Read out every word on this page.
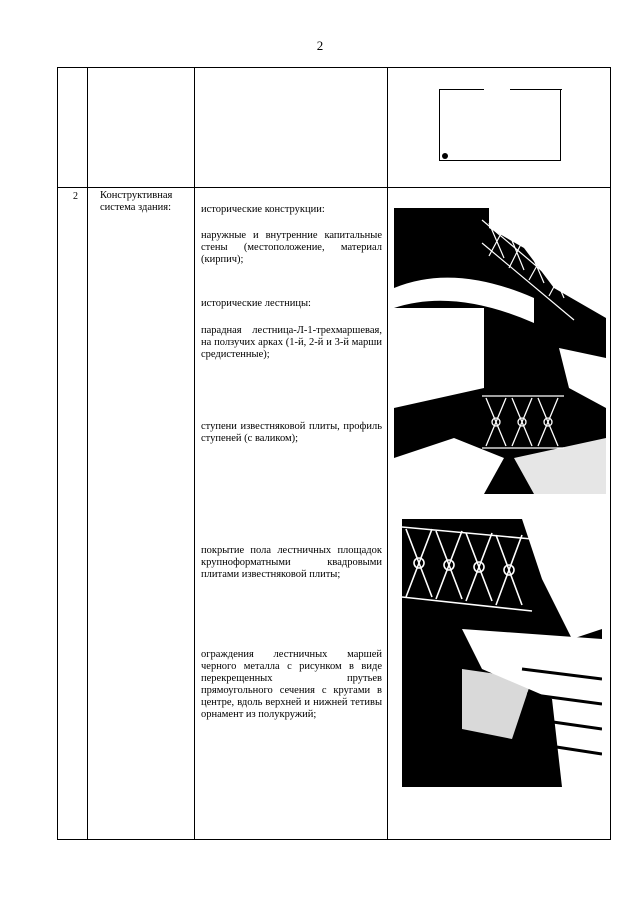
2
2 Конструктивная система здания:	исторические конструкции:
наружные и внутренние капитальные стены (местоположение, материал (кирпич);
исторические лестницы:
парадная лестница-Л-1-трехмаршевая, на ползучих арках (1-й, 2-й и 3-й марши средистенные);
ступени известняковой плиты, профиль ступеней (с валиком);
покрытие пола лестничных площадок крупноформатными квадровыми плитами известняковой плиты;
ограждения лестничных маршей черного металла с рисунком в виде перекрещенных прутьев прямоугольного сечения с кругами в центре, вдоль верхней и нижней тетивы орнамент из полукружий;
